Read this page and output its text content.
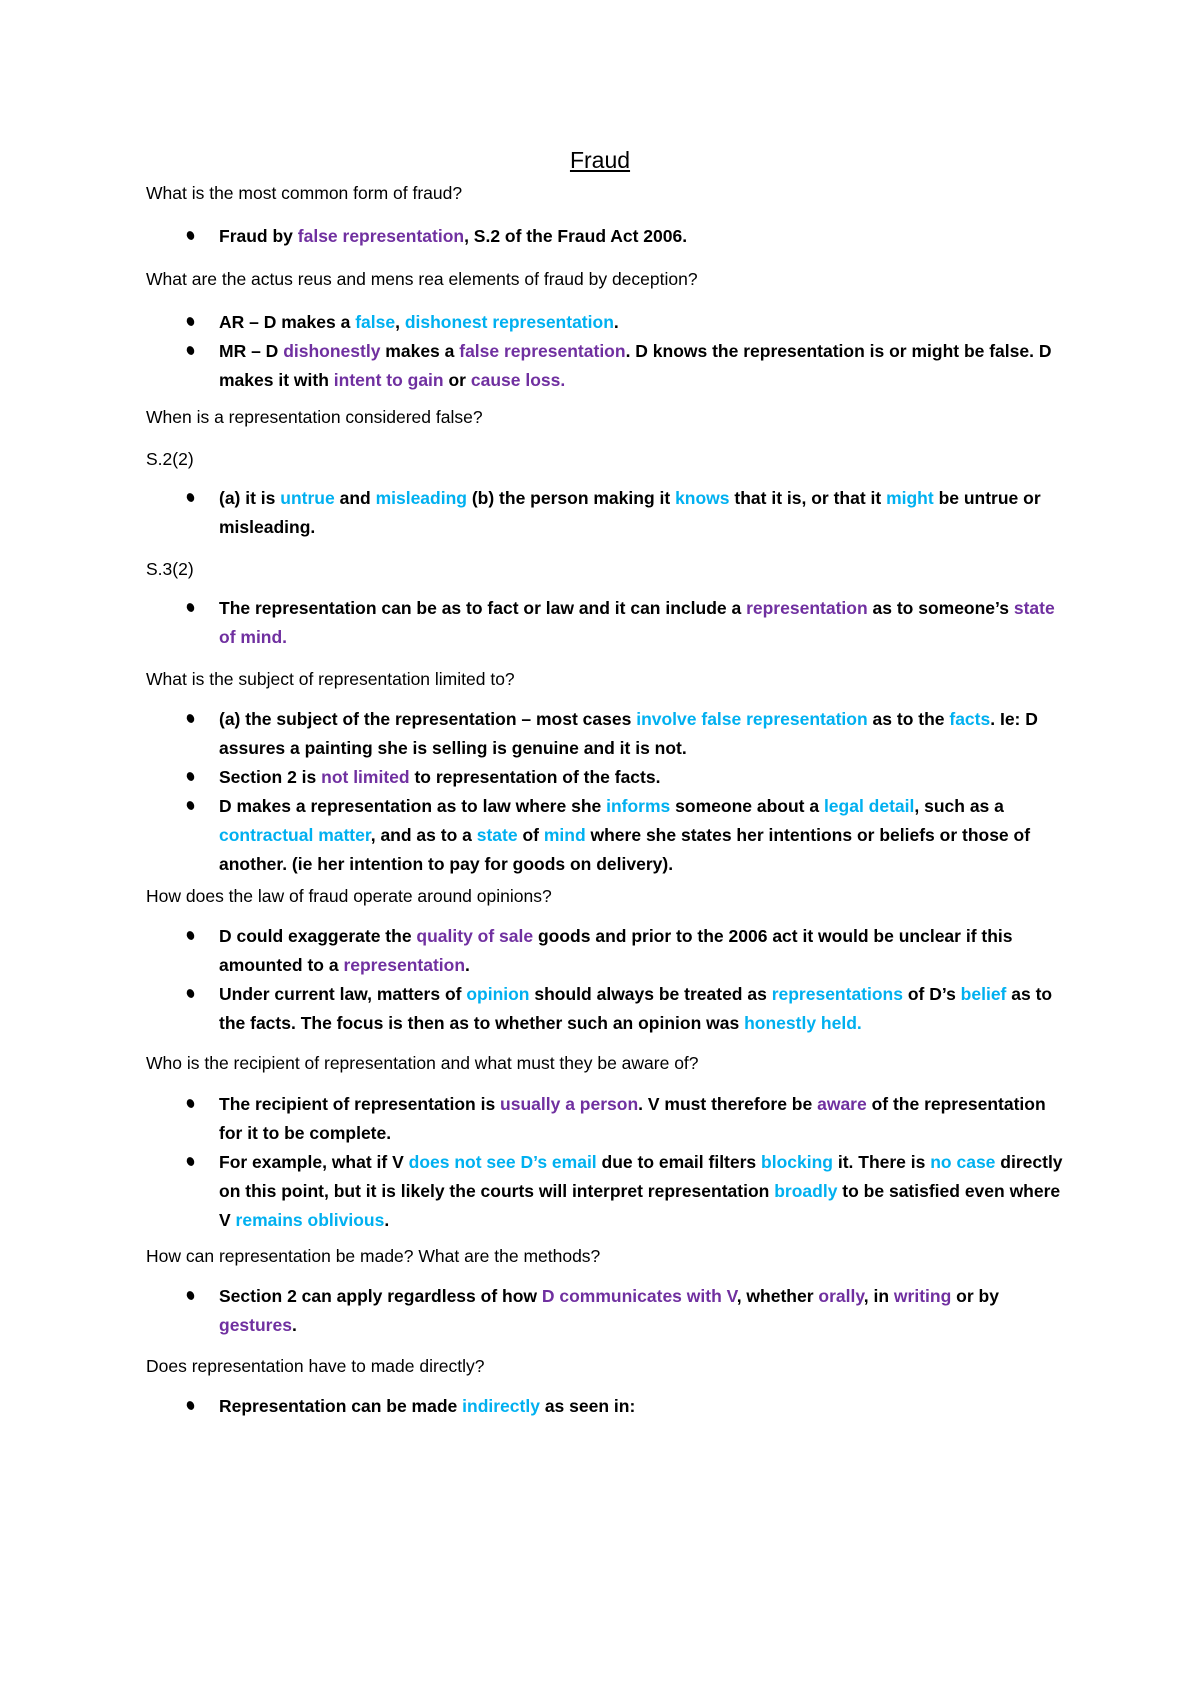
Fraud
What is the most common form of fraud?
Fraud by false representation, S.2 of the Fraud Act 2006.
What are the actus reus and mens rea elements of fraud by deception?
AR – D makes a false, dishonest representation.
MR – D dishonestly makes a false representation. D knows the representation is or might be false. D makes it with intent to gain or cause loss.
When is a representation considered false?
S.2(2)
(a) it is untrue and misleading (b) the person making it knows that it is, or that it might be untrue or misleading.
S.3(2)
The representation can be as to fact or law and it can include a representation as to someone’s state of mind.
What is the subject of representation limited to?
(a) the subject of the representation – most cases involve false representation as to the facts. Ie: D assures a painting she is selling is genuine and it is not.
Section 2 is not limited to representation of the facts.
D makes a representation as to law where she informs someone about a legal detail, such as a contractual matter, and as to a state of mind where she states her intentions or beliefs or those of another. (ie her intention to pay for goods on delivery).
How does the law of fraud operate around opinions?
D could exaggerate the quality of sale goods and prior to the 2006 act it would be unclear if this amounted to a representation.
Under current law, matters of opinion should always be treated as representations of D’s belief as to the facts. The focus is then as to whether such an opinion was honestly held.
Who is the recipient of representation and what must they be aware of?
The recipient of representation is usually a person. V must therefore be aware of the representation for it to be complete.
For example, what if V does not see D’s email due to email filters blocking it. There is no case directly on this point, but it is likely the courts will interpret representation broadly to be satisfied even where V remains oblivious.
How can representation be made? What are the methods?
Section 2 can apply regardless of how D communicates with V, whether orally, in writing or by gestures.
Does representation have to made directly?
Representation can be made indirectly as seen in:
